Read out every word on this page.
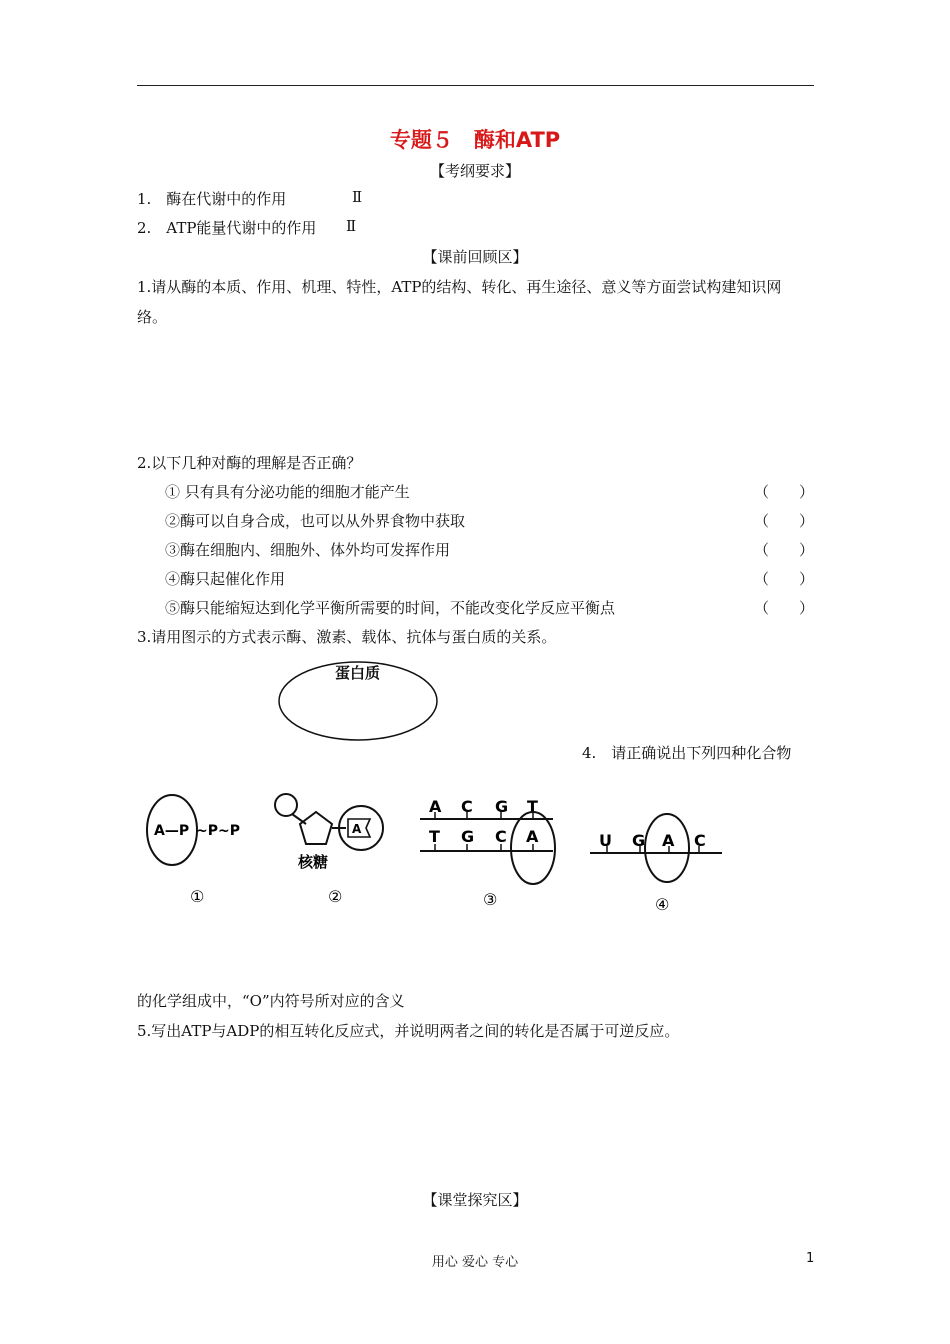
专题５　酶和ATP
【考纲要求】
1.　酶在代谢中的作用	Ⅱ
2.　ATP能量代谢中的作用 Ⅱ
【课前回顾区】
1.请从酶的本质、作用、机理、特性，ATP的结构、转化、再生途径、意义等方面尝试构建知识网
络。
2.以下几种对酶的理解是否正确？
① 只有具有分泌功能的细胞才能产生	（　　）
②酶可以自身合成，也可以从外界食物中获取	（　　）
③酶在细胞内、细胞外、体外均可发挥作用	（　　）
④酶只起催化作用	（　　）
⑤酶只能缩短达到化学平衡所需要的时间，不能改变化学反应平衡点	（　　）
3.请用图示的方式表示酶、激素、载体、抗体与蛋白质的关系。
蛋白质
4.　请正确说出下列四种化合物
A—P ~P~P
①
A
核糖
②
A C G T
T G C A
③
U G A C
④
的化学组成中，“O”内符号所对应的含义
5.写出ATP与ADP的相互转化反应式，并说明两者之间的转化是否属于可逆反应。
【课堂探究区】
用心 爱心 专心	1
